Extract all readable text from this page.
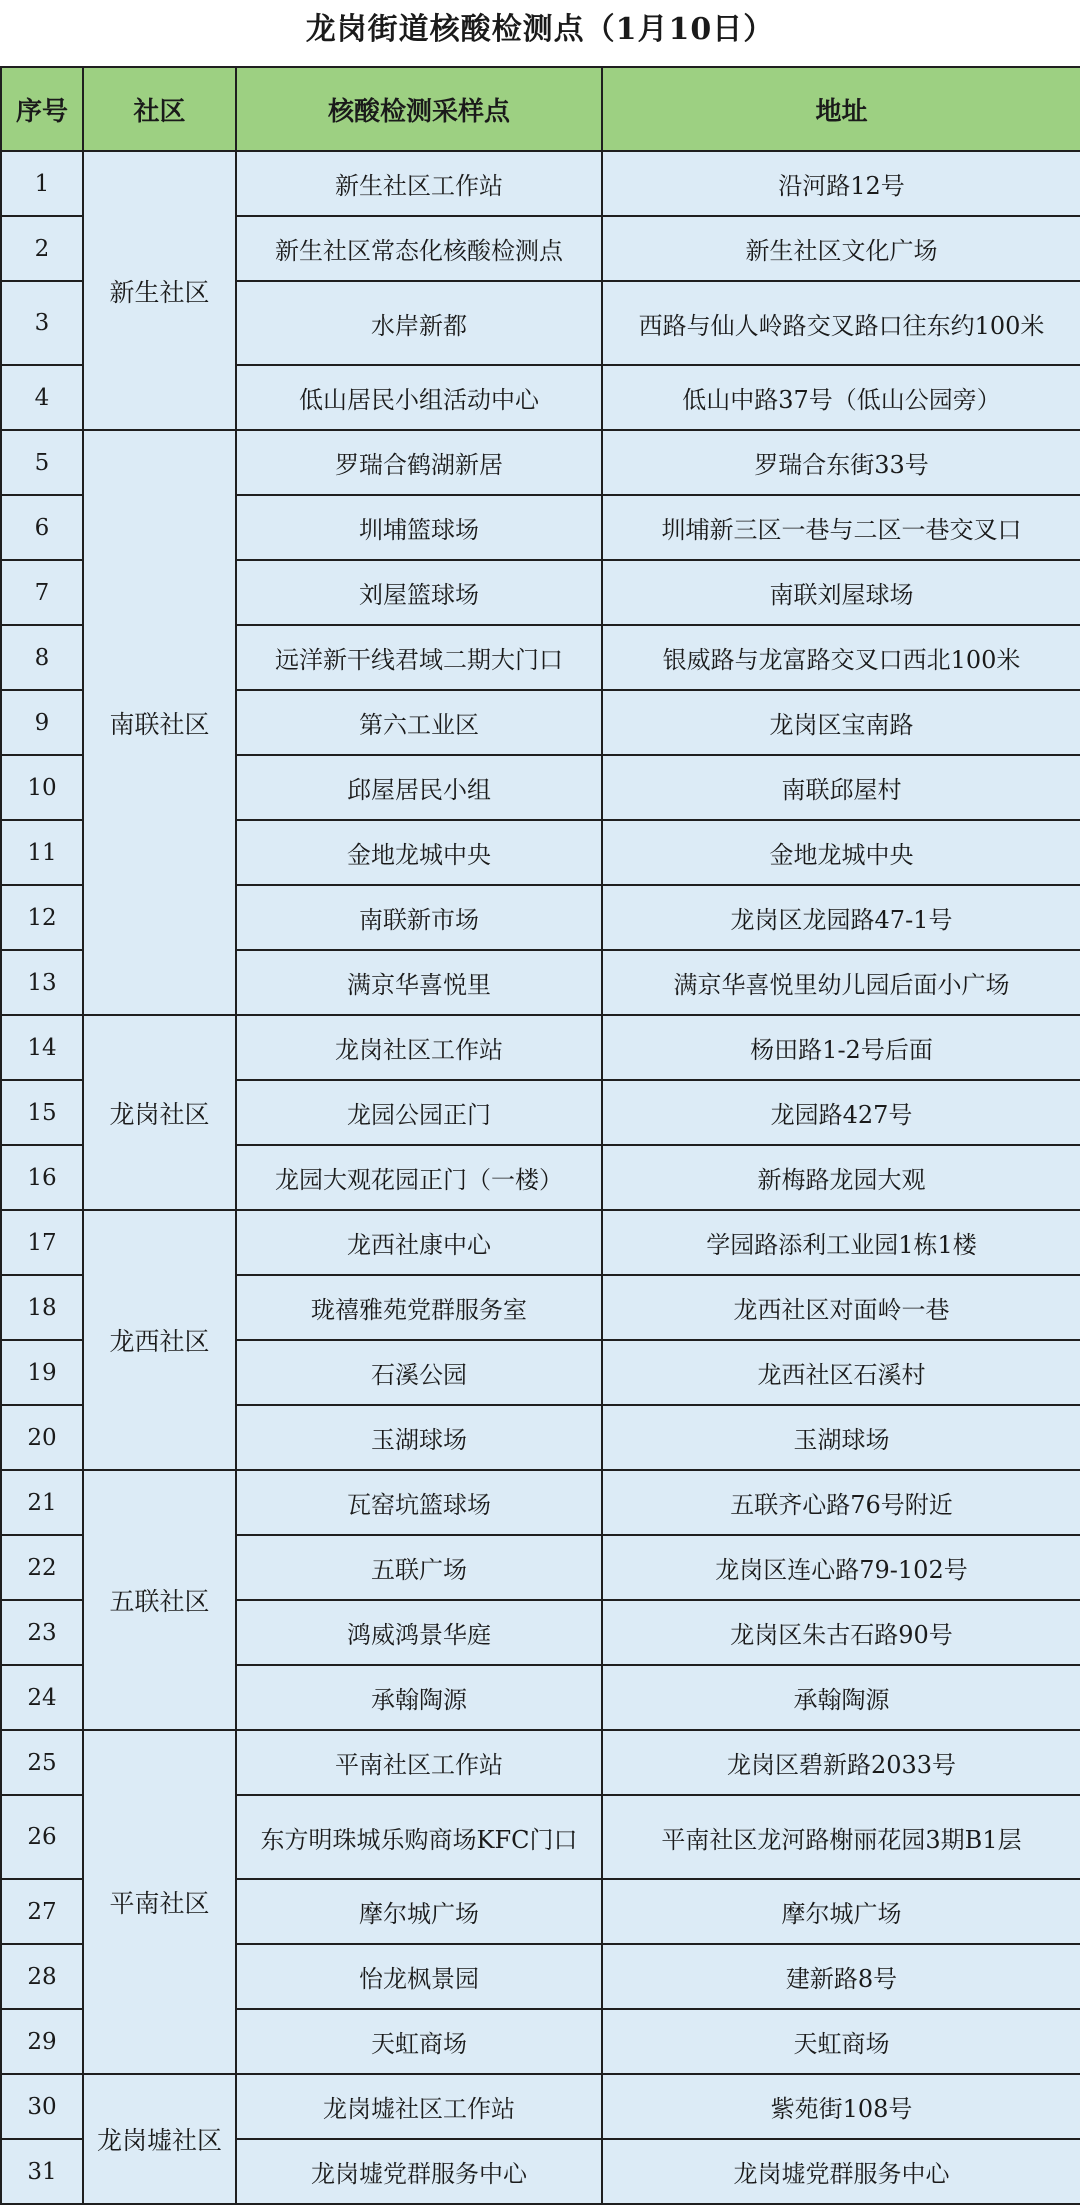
龙岗街道核酸检测点（1月10日）
序号	社区	核酸检测采样点	地址
1	新生社区	新生社区工作站	沿河路12号
2		新生社区常态化核酸检测点	新生社区文化广场
3		水岸新都	西路与仙人岭路交叉路口往东约100米
4		低山居民小组活动中心	低山中路37号（低山公园旁）
5	南联社区	罗瑞合鹤湖新居	罗瑞合东街33号
6		圳埔篮球场	圳埔新三区一巷与二区一巷交叉口
7		刘屋篮球场	南联刘屋球场
8		远洋新干线君域二期大门口	银威路与龙富路交叉口西北100米
9		第六工业区	龙岗区宝南路
10		邱屋居民小组	南联邱屋村
11		金地龙城中央	金地龙城中央
12		南联新市场	龙岗区龙园路47-1号
13		满京华喜悦里	满京华喜悦里幼儿园后面小广场
14	龙岗社区	龙岗社区工作站	杨田路1-2号后面
15		龙园公园正门	龙园路427号
16		龙园大观花园正门（一楼）	新梅路龙园大观
17	龙西社区	龙西社康中心	学园路添利工业园1栋1楼
18		珑禧雅苑党群服务室	龙西社区对面岭一巷
19		石溪公园	龙西社区石溪村
20		玉湖球场	玉湖球场
21	五联社区	瓦窑坑篮球场	五联齐心路76号附近
22		五联广场	龙岗区连心路79-102号
23		鸿威鸿景华庭	龙岗区朱古石路90号
24		承翰陶源	承翰陶源
25	平南社区	平南社区工作站	龙岗区碧新路2033号
26		东方明珠城乐购商场KFC门口	平南社区龙河路榭丽花园3期B1层
27		摩尔城广场	摩尔城广场
28		怡龙枫景园	建新路8号
29		天虹商场	天虹商场
30	龙岗墟社区	龙岗墟社区工作站	紫苑街108号
31		龙岗墟党群服务中心	龙岗墟党群服务中心
